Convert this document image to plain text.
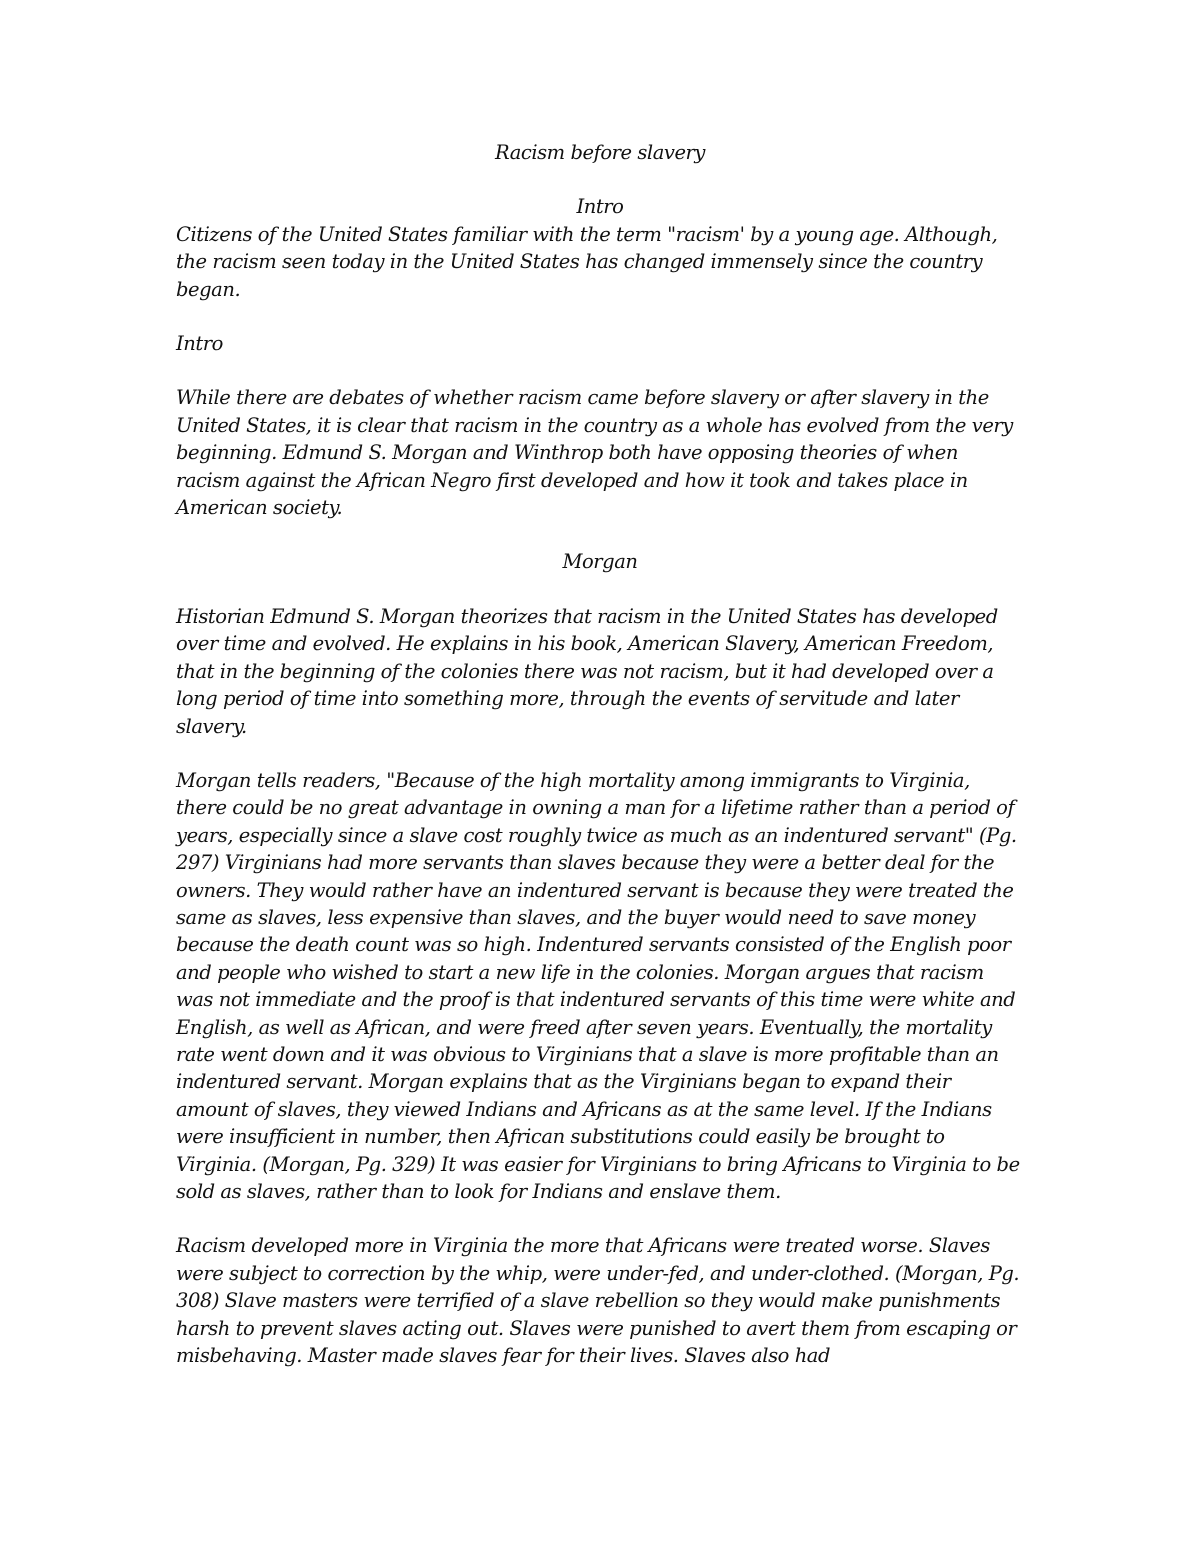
Racism before slavery

Intro

Citizens of the United States familiar with the term "racism' by a young age. Although, the racism seen today in the United States has changed immensely since the country began.

Intro

While there are debates of whether racism came before slavery or after slavery in the United States, it is clear that racism in the country as a whole has evolved from the very beginning. Edmund S. Morgan and Winthrop both have opposing theories of when racism against the African Negro first developed and how it took and takes place in American society.

Morgan

Historian Edmund S. Morgan theorizes that racism in the United States has developed over time and evolved. He explains in his book, American Slavery, American Freedom, that in the beginning of the colonies there was not racism, but it had developed over a long period of time into something more, through the events of servitude and later slavery.

Morgan tells readers, "Because of the high mortality among immigrants to Virginia, there could be no great advantage in owning a man for a lifetime rather than a period of years, especially since a slave cost roughly twice as much as an indentured servant" (Pg. 297) Virginians had more servants than slaves because they were a better deal for the owners. They would rather have an indentured servant is because they were treated the same as slaves, less expensive than slaves, and the buyer would need to save money because the death count was so high. Indentured servants consisted of the English poor and people who wished to start a new life in the colonies. Morgan argues that racism was not immediate and the proof is that indentured servants of this time were white and English, as well as African, and were freed after seven years. Eventually, the mortality rate went down and it was obvious to Virginians that a slave is more profitable than an indentured servant. Morgan explains that as the Virginians began to expand their amount of slaves, they viewed Indians and Africans as at the same level. If the Indians were insufficient in number, then African substitutions could easily be brought to Virginia. (Morgan, Pg. 329) It was easier for Virginians to bring Africans to Virginia to be sold as slaves, rather than to look for Indians and enslave them.

Racism developed more in Virginia the more that Africans were treated worse. Slaves were subject to correction by the whip, were under-fed, and under-clothed. (Morgan, Pg. 308) Slave masters were terrified of a slave rebellion so they would make punishments harsh to prevent slaves acting out. Slaves were punished to avert them from escaping or misbehaving. Master made slaves fear for their lives. Slaves also had
